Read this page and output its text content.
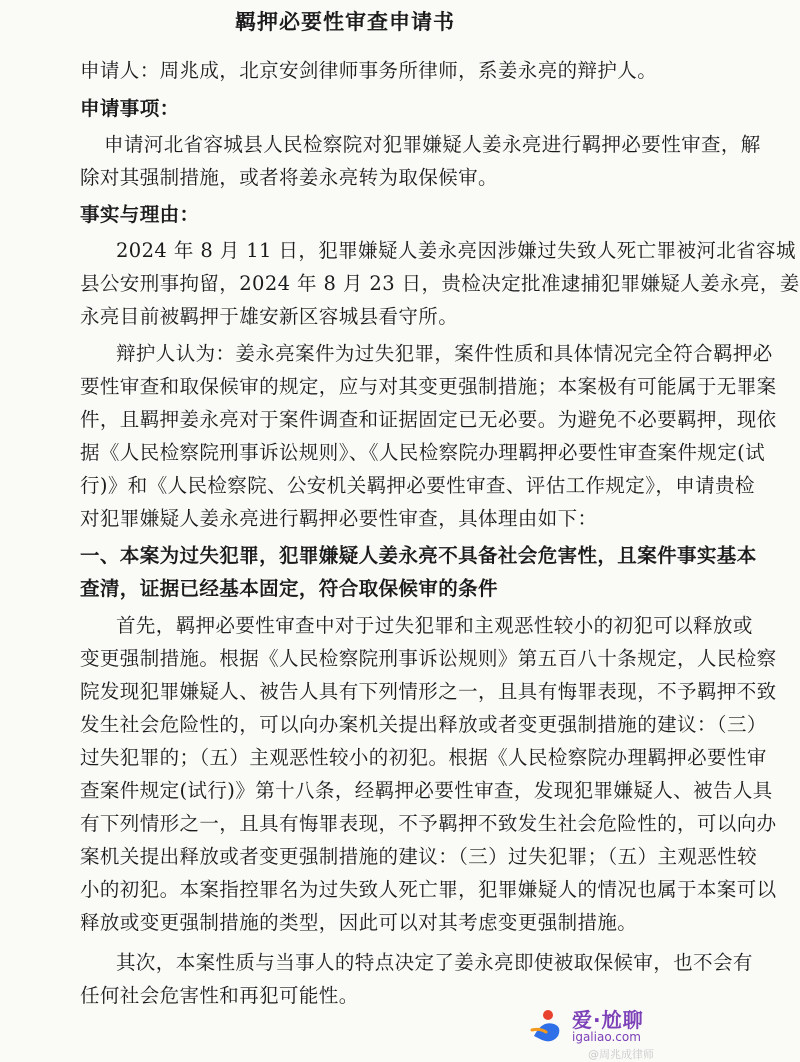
羁押必要性审查申请书
申请人：周兆成，北京安剑律师事务所律师，系姜永亮的辩护人。
申请事项：
申请河北省容城县人民检察院对犯罪嫌疑人姜永亮进行羁押必要性审查，解
除对其强制措施，或者将姜永亮转为取保候审。
事实与理由：
2024 年 8 月 11 日，犯罪嫌疑人姜永亮因涉嫌过失致人死亡罪被河北省容城
县公安刑事拘留，2024 年 8 月 23 日，贵检决定批准逮捕犯罪嫌疑人姜永亮，姜
永亮目前被羁押于雄安新区容城县看守所。
辩护人认为：姜永亮案件为过失犯罪，案件性质和具体情况完全符合羁押必
要性审查和取保候审的规定，应与对其变更强制措施；本案极有可能属于无罪案
件，且羁押姜永亮对于案件调查和证据固定已无必要。为避免不必要羁押，现依
据《人民检察院刑事诉讼规则》、《人民检察院办理羁押必要性审查案件规定(试
行)》和《人民检察院、公安机关羁押必要性审查、评估工作规定》，申请贵检
对犯罪嫌疑人姜永亮进行羁押必要性审查，具体理由如下：
一、本案为过失犯罪，犯罪嫌疑人姜永亮不具备社会危害性，且案件事实基本
查清，证据已经基本固定，符合取保候审的条件
首先，羁押必要性审查中对于过失犯罪和主观恶性较小的初犯可以释放或
变更强制措施。根据《人民检察院刑事诉讼规则》第五百八十条规定，人民检察
院发现犯罪嫌疑人、被告人具有下列情形之一，且具有悔罪表现，不予羁押不致
发生社会危险性的，可以向办案机关提出释放或者变更强制措施的建议：（三）
过失犯罪的；（五）主观恶性较小的初犯。根据《人民检察院办理羁押必要性审
查案件规定(试行)》第十八条，经羁押必要性审查，发现犯罪嫌疑人、被告人具
有下列情形之一，且具有悔罪表现，不予羁押不致发生社会危险性的，可以向办
案机关提出释放或者变更强制措施的建议：（三）过失犯罪；（五）主观恶性较
小的初犯。本案指控罪名为过失致人死亡罪，犯罪嫌疑人的情况也属于本案可以
释放或变更强制措施的类型，因此可以对其考虑变更强制措施。
其次，本案性质与当事人的特点决定了姜永亮即使被取保候审，也不会有
任何社会危害性和再犯可能性。
爱·尬聊
igaliao.com
@周兆成律师
